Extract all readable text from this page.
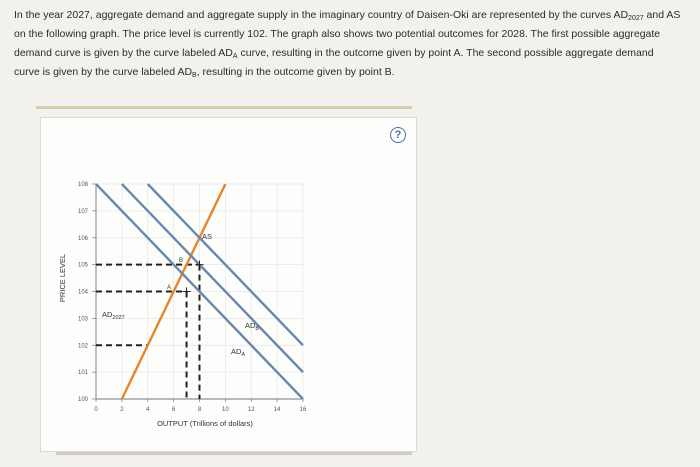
In the year 2027, aggregate demand and aggregate supply in the imaginary country of Daisen-Oki are represented by the curves $AD_{2027}$ and AS on the following graph. The price level is currently 102. The graph also shows two potential outcomes for 2028. The first possible aggregate demand curve is given by the curve labeled $AD_A$ curve, resulting in the outcome given by point A. The second possible aggregate demand curve is given by the curve labeled $AD_B$, resulting in the outcome given by point B.
0	2	4	6	8	10	12	14	16
100
101
102
103
104
105
106
107
108
PRICE LEVEL
OUTPUT (Trillions of dollars)
AS
$AD_{2027}$
$AD_A$
$AD_B$
A
B
?
